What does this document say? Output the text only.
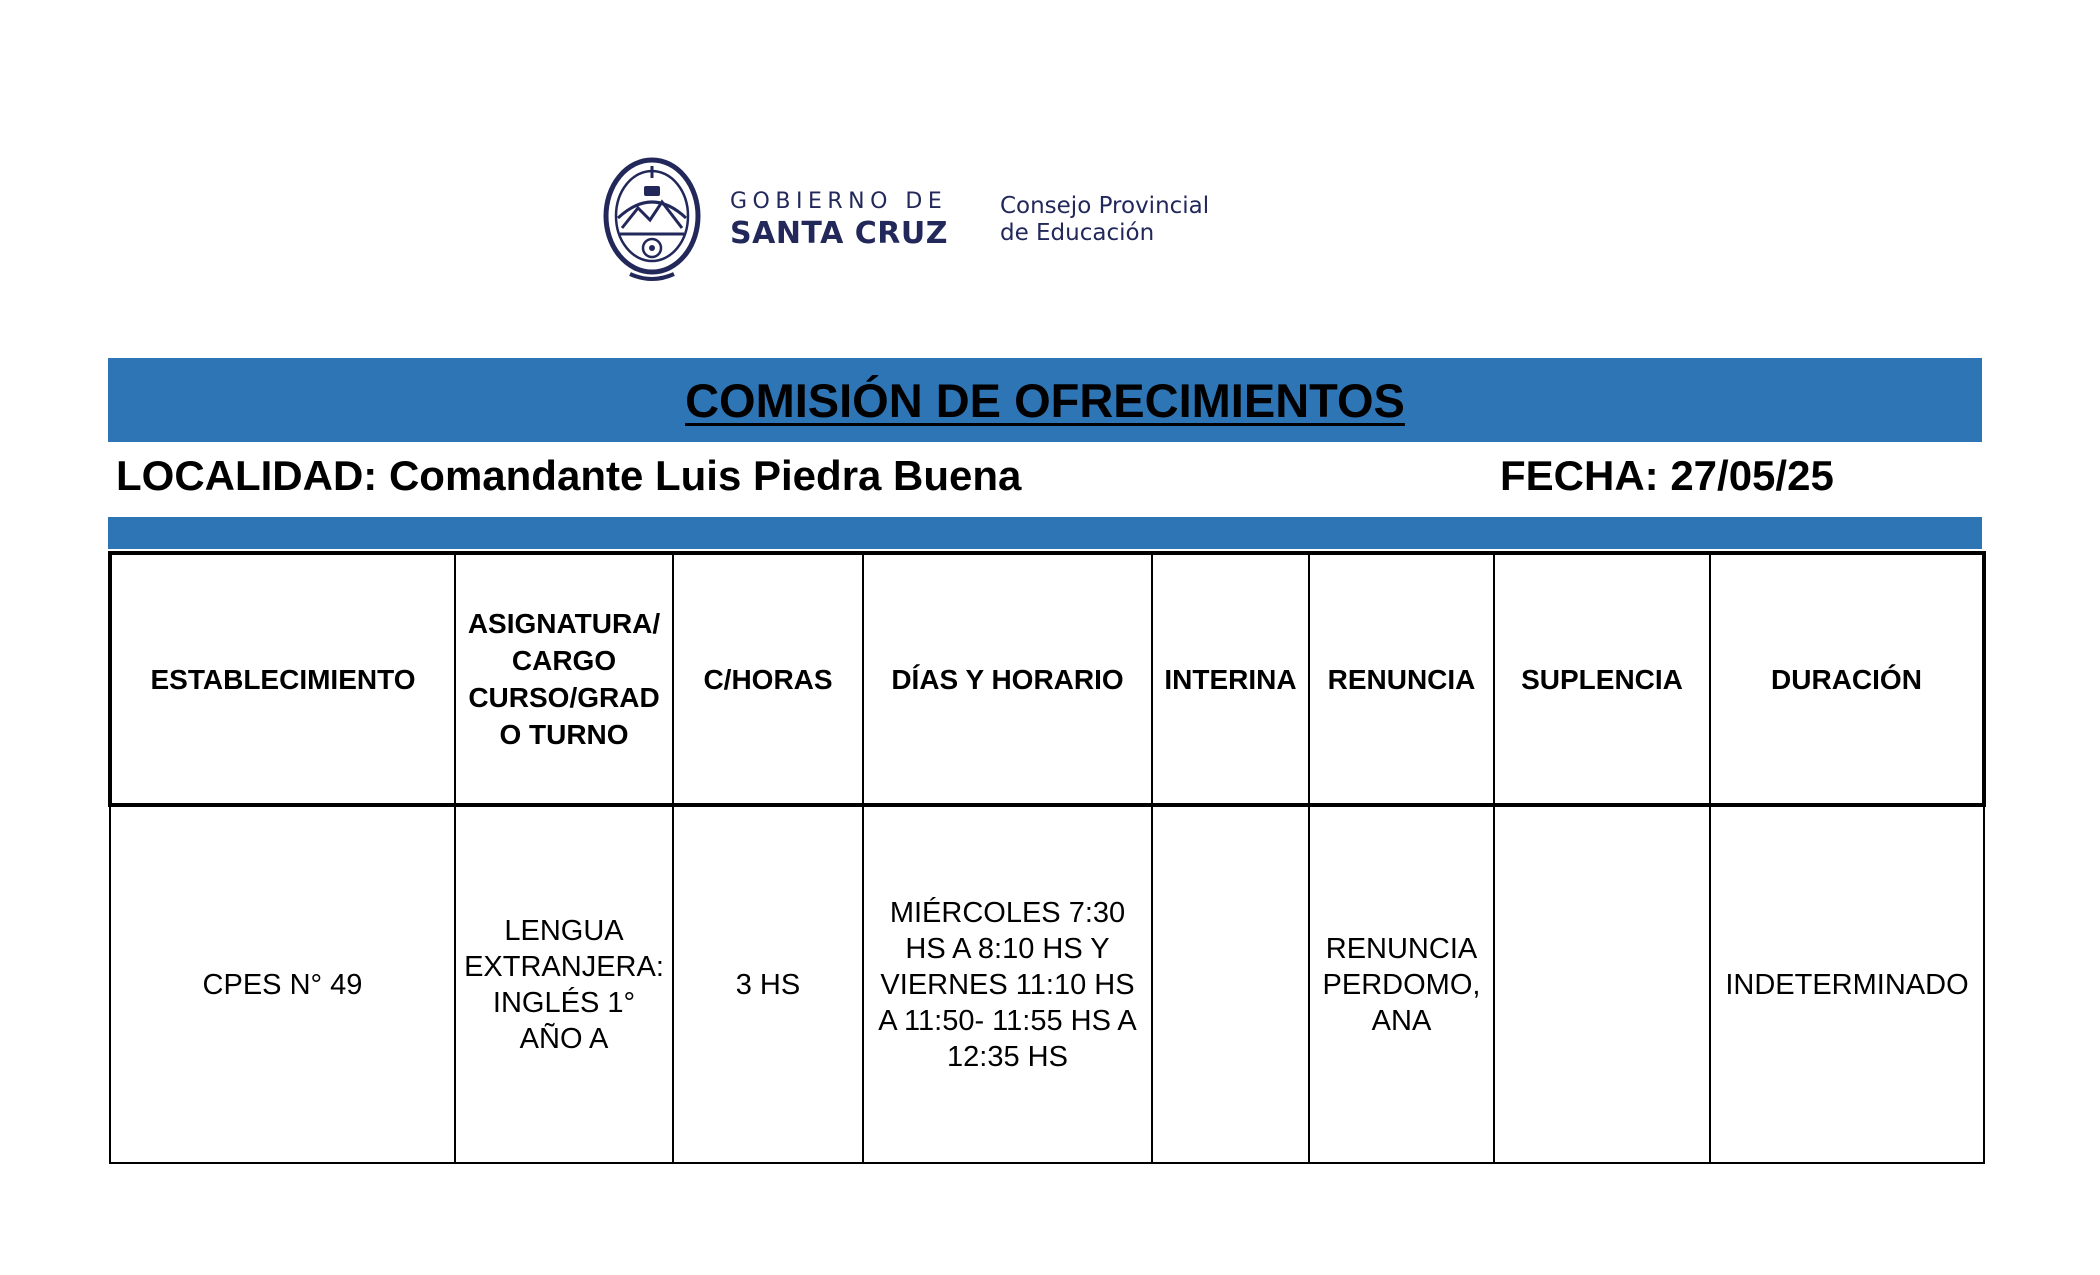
GOBIERNO DE
SANTA CRUZ
Consejo Provincial
de Educación
COMISIÓN DE OFRECIMIENTOS
LOCALIDAD: Comandante Luis Piedra Buena	FECHA: 27/05/25
ESTABLECIMIENTO	ASIGNATURA/ CARGO CURSO/GRAD O TURNO	C/HORAS	DÍAS Y HORARIO	INTERINA	RENUNCIA	SUPLENCIA	DURACIÓN
CPES N° 49	LENGUA EXTRANJERA: INGLÉS 1° AÑO A	3 HS	MIÉRCOLES 7:30 HS A 8:10 HS Y VIERNES 11:10 HS A 11:50- 11:55 HS A 12:35 HS		RENUNCIA PERDOMO, ANA		INDETERMINADO
